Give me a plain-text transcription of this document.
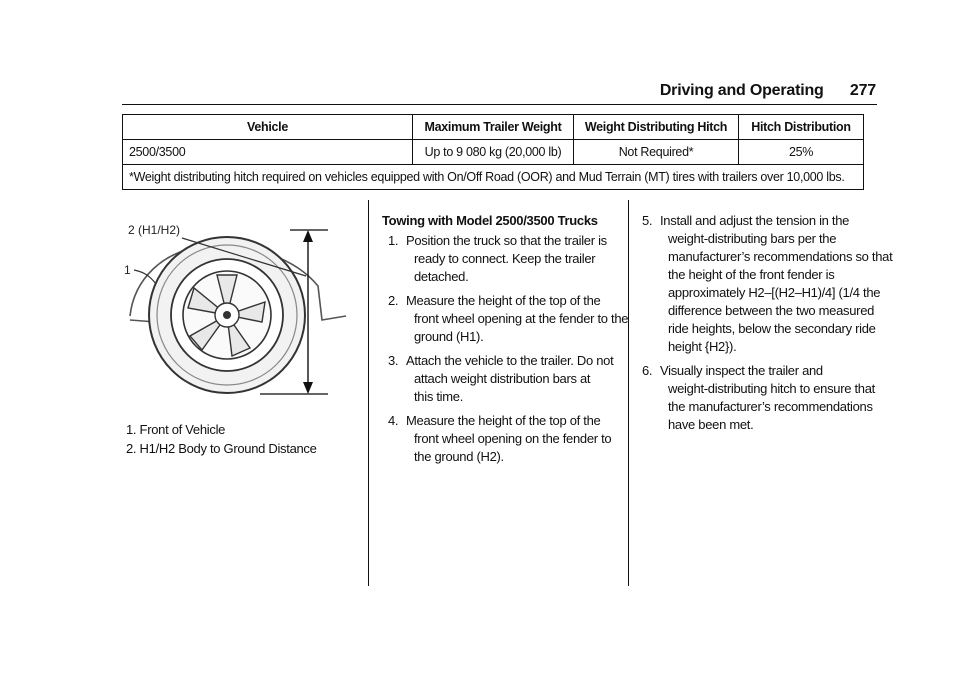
Driving and Operating 277
Vehicle	Maximum Trailer Weight	Weight Distributing Hitch	Hitch Distribution
2500/3500	Up to 9 080 kg (20,000 lb)	Not Required*	25%
*Weight distributing hitch required on vehicles equipped with On/Off Road (OOR) and Mud Terrain (MT) tires with trailers over 10,000 lbs.			
2 (H1/H2)
1
1. Front of Vehicle
2. H1/H2 Body to Ground Distance
Towing with Model 2500/3500 Trucks
1. Position the truck so that the trailer is
ready to connect. Keep the trailer
detached.
2. Measure the height of the top of the
front wheel opening at the fender to the
ground (H1).
3. Attach the vehicle to the trailer. Do not
attach weight distribution bars at
this time.
4. Measure the height of the top of the
front wheel opening on the fender to
the ground (H2).
5. Install and adjust the tension in the
weight-distributing bars per the
manufacturer’s recommendations so that
the height of the front fender is
approximately H2–[(H2–H1)/4] (1/4 the
difference between the two measured
ride heights, below the secondary ride
height {H2}).
6. Visually inspect the trailer and
weight-distributing hitch to ensure that
the manufacturer’s recommendations
have been met.
